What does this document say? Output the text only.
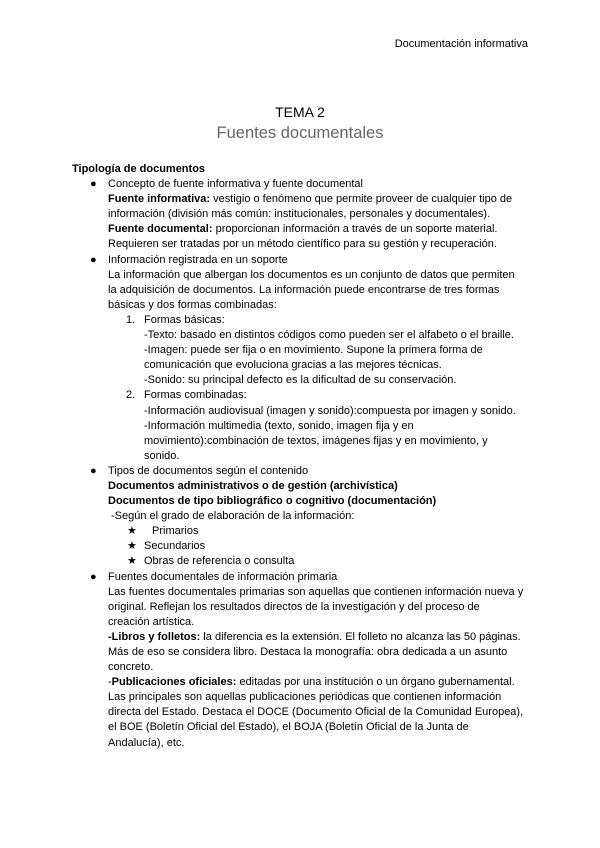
Documentación informativa
TEMA 2
Fuentes documentales
Tipología de documentos
● Concepto de fuente informativa y fuente documental
Fuente informativa: vestigio o fenómeno que permite proveer de cualquier tipo de
información (división más común: institucionales, personales y documentales).
Fuente documental: proporcionan información a través de un soporte material.
Requieren ser tratadas por un método científico para su gestión y recuperación.
● Información registrada en un soporte
La información que albergan los documentos es un conjunto de datos que permiten
la adquisición de documentos. La información puede encontrarse de tres formas
básicas y dos formas combinadas:
1. Formas básicas:
-Texto: basado en distintos códigos como pueden ser el alfabeto o el braille.
-Imagen: puede ser fija o en movimiento. Supone la primera forma de
comunicación que evoluciona gracias a las mejores técnicas.
-Sonido: su principal defecto es la dificultad de su conservación.
2. Formas combinadas:
-Información audiovisual (imagen y sonido):compuesta por imagen y sonido.
-Información multimedia (texto, sonido, imagen fija y en
movimiento):combinación de textos, imágenes fijas y en movimiento, y
sonido.
● Tipos de documentos según el contenido
Documentos administrativos o de gestión (archivística)
Documentos de tipo bibliográfico o cognitivo (documentación)
-Según el grado de elaboración de la información:
★ Primarios
★ Secundarios
★ Obras de referencia o consulta
● Fuentes documentales de información primaria
Las fuentes documentales primarias son aquellas que contienen información nueva y
original. Reflejan los resultados directos de la investigación y del proceso de
creación artística.
-Libros y folletos: la diferencia es la extensión. El folleto no alcanza las 50 páginas.
Más de eso se considera libro. Destaca la monografía: obra dedicada a un asunto
concreto.
-Publicaciones oficiales: editadas por una institución o un órgano gubernamental.
Las principales son aquellas publicaciones periódicas que contienen información
directa del Estado. Destaca el DOCE (Documento Oficial de la Comunidad Europea),
el BOE (Boletín Oficial del Estado), el BOJA (Boletín Oficial de la Junta de
Andalucía), etc.
